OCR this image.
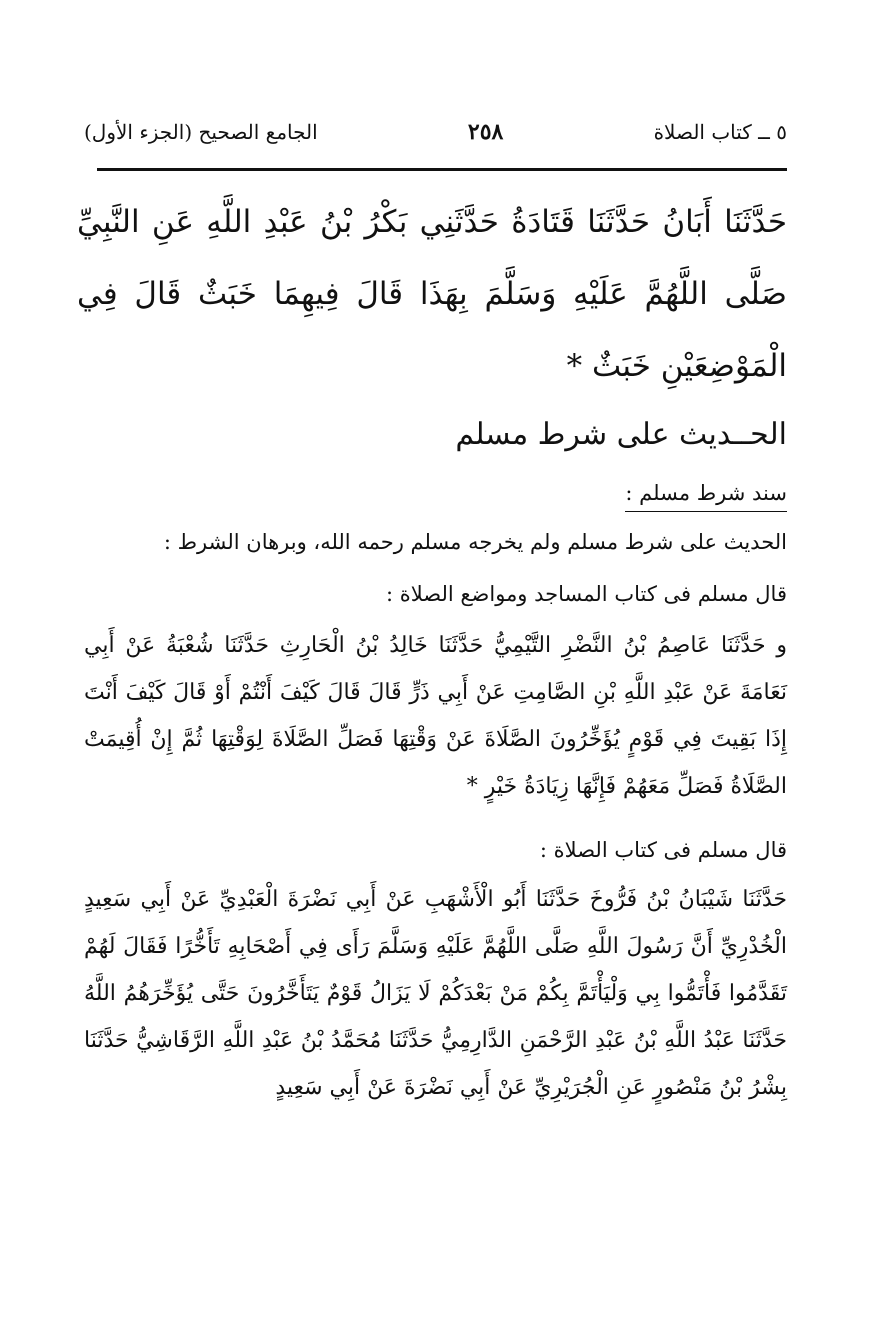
٥ ــ كتاب الصلاة
٢٥٨
الجامع الصحيح (الجزء الأول)

حَدَّثَنَا أَبَانُ حَدَّثَنَا قَتَادَةُ حَدَّثَنِي بَكْرُ بْنُ عَبْدِ اللَّهِ عَنِ النَّبِيِّ صَلَّى اللَّهُمَّ عَلَيْهِ وَسَلَّمَ بِهَذَا قَالَ فِيهِمَا خَبَثٌ قَالَ فِي الْمَوْضِعَيْنِ خَبَثٌ *

الحــديث على شرط مسلم

سند شرط مسلم :

الحديث على شرط مسلم ولم يخرجه مسلم رحمه الله، وبرهان الشرط :

قال مسلم فى كتاب المساجد ومواضع الصلاة :

و حَدَّثَنَا عَاصِمُ بْنُ النَّضْرِ التَّيْمِيُّ حَدَّثَنَا خَالِدُ بْنُ الْحَارِثِ حَدَّثَنَا شُعْبَةُ عَنْ أَبِي نَعَامَةَ عَنْ عَبْدِ اللَّهِ بْنِ الصَّامِتِ عَنْ أَبِي ذَرٍّ قَالَ قَالَ كَيْفَ أَنْتُمْ أَوْ قَالَ كَيْفَ أَنْتَ إِذَا بَقِيتَ فِي قَوْمٍ يُؤَخِّرُونَ الصَّلَاةَ عَنْ وَقْتِهَا فَصَلِّ الصَّلَاةَ لِوَقْتِهَا ثُمَّ إِنْ أُقِيمَتْ الصَّلَاةُ فَصَلِّ مَعَهُمْ فَإِنَّهَا زِيَادَةُ خَيْرٍ *

قال مسلم فى كتاب الصلاة :

حَدَّثَنَا شَيْبَانُ بْنُ فَرُّوخَ حَدَّثَنَا أَبُو الْأَشْهَبِ عَنْ أَبِي نَضْرَةَ الْعَبْدِيِّ عَنْ أَبِي سَعِيدٍ الْخُدْرِيِّ أَنَّ رَسُولَ اللَّهِ صَلَّى اللَّهُمَّ عَلَيْهِ وَسَلَّمَ رَأَى فِي أَصْحَابِهِ تَأَخُّرًا فَقَالَ لَهُمْ تَقَدَّمُوا فَأْتَمُّوا بِي وَلْيَأْتَمَّ بِكُمْ مَنْ بَعْدَكُمْ لَا يَزَالُ قَوْمٌ يَتَأَخَّرُونَ حَتَّى يُؤَخِّرَهُمُ اللَّهُ حَدَّثَنَا عَبْدُ اللَّهِ بْنُ عَبْدِ الرَّحْمَنِ الدَّارِمِيُّ حَدَّثَنَا مُحَمَّدُ بْنُ عَبْدِ اللَّهِ الرَّقَاشِيُّ حَدَّثَنَا بِشْرُ بْنُ مَنْصُورٍ عَنِ الْجُرَيْرِيِّ عَنْ أَبِي نَضْرَةَ عَنْ أَبِي سَعِيدٍ
